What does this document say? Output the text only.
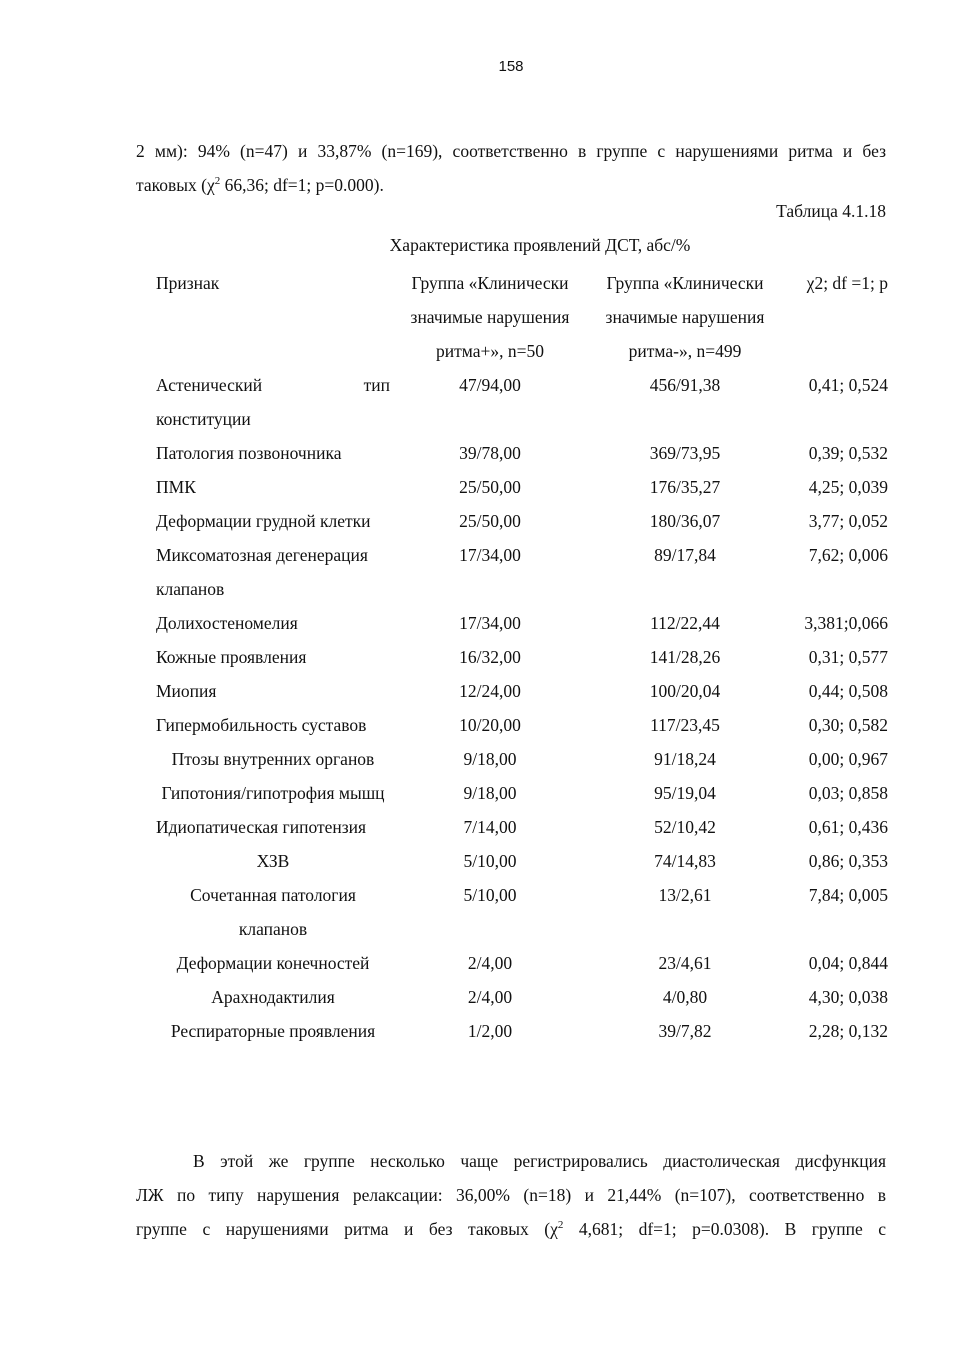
158
2 мм): 94% (n=47) и 33,87% (n=169), соответственно в группе с нарушениями ритма и без
таковых ($\chi^2$ 66,36; df=1; p=0.000).
Таблица 4.1.18
Характеристика проявлений ДСТ, абс/%
Признак	Группа «Клинически значимые нарушения ритма+», n=50	Группа «Клинически значимые нарушения ритма-», n=499	χ2; df =1; p
Астенический тип конституции	47/94,00	456/91,38	0,41; 0,524
Патология позвоночника	39/78,00	369/73,95	0,39; 0,532
ПМК	25/50,00	176/35,27	4,25; 0,039
Деформации грудной клетки	25/50,00	180/36,07	3,77; 0,052
Миксоматозная дегенерация клапанов	17/34,00	89/17,84	7,62; 0,006
Долихостеномелия	17/34,00	112/22,44	3,381;0,066
Кожные проявления	16/32,00	141/28,26	0,31; 0,577
Миопия	12/24,00	100/20,04	0,44; 0,508
Гипермобильность суставов	10/20,00	117/23,45	0,30; 0,582
Птозы внутренних органов	9/18,00	91/18,24	0,00; 0,967
Гипотония/гипотрофия мышц	9/18,00	95/19,04	0,03; 0,858
Идиопатическая гипотензия	7/14,00	52/10,42	0,61; 0,436
ХЗВ	5/10,00	74/14,83	0,86; 0,353
Сочетанная патология клапанов	5/10,00	13/2,61	7,84; 0,005
Деформации конечностей	2/4,00	23/4,61	0,04; 0,844
Арахнодактилия	2/4,00	4/0,80	4,30; 0,038
Респираторные проявления	1/2,00	39/7,82	2,28; 0,132
В этой же группе несколько чаще регистрировались диастолическая дисфункция
ЛЖ по типу нарушения релаксации: 36,00% (n=18) и 21,44% (n=107), соответственно в
группе с нарушениями ритма и без таковых ($\chi^2$ 4,681; df=1; p=0.0308). В группе с
